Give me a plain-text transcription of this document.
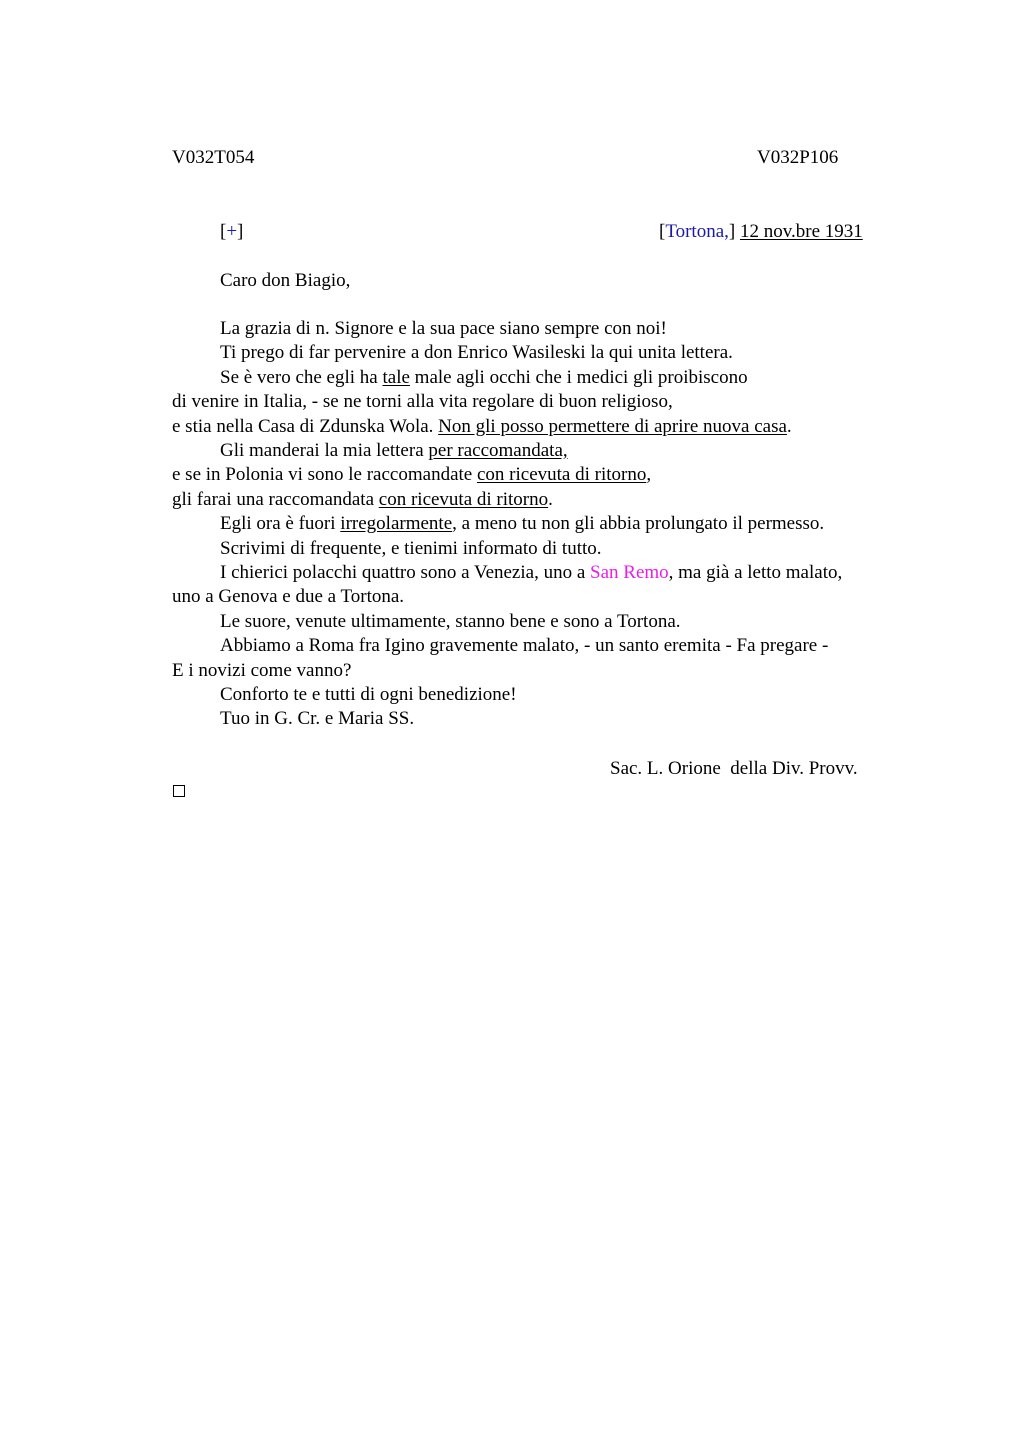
V032T054	V032P106
[+]	[Tortona,] 12 nov.bre 1931
Caro don Biagio,
La grazia di n. Signore e la sua pace siano sempre con noi!
Ti prego di far pervenire a don Enrico Wasileski la qui unita lettera.
Se è vero che egli ha tale male agli occhi che i medici gli proibiscono
di venire in Italia, - se ne torni alla vita regolare di buon religioso,
e stia nella Casa di Zdunska Wola. Non gli posso permettere di aprire nuova casa.
Gli manderai la mia lettera per raccomandata,
e se in Polonia vi sono le raccomandate con ricevuta di ritorno,
gli farai una raccomandata con ricevuta di ritorno.
Egli ora è fuori irregolarmente, a meno tu non gli abbia prolungato il permesso.
Scrivimi di frequente, e tienimi informato di tutto.
I chierici polacchi quattro sono a Venezia, uno a San Remo, ma già a letto malato,
uno a Genova e due a Tortona.
Le suore, venute ultimamente, stanno bene e sono a Tortona.
Abbiamo a Roma fra Igino gravemente malato, - un santo eremita - Fa pregare -
E i novizi come vanno?
Conforto te e tutti di ogni benedizione!
Tuo in G. Cr. e Maria SS.
Sac. L. Orione  della Div. Provv.
